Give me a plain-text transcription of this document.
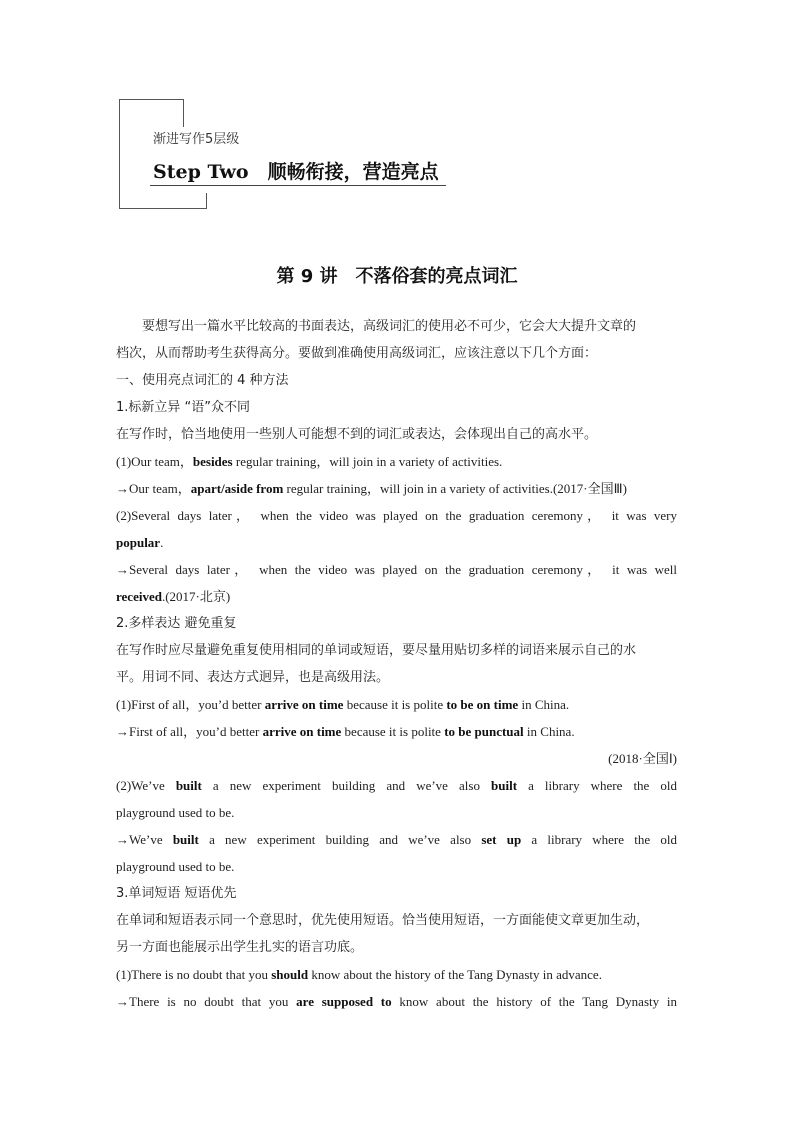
渐进写作5层级
Step Two　顺畅衔接，营造亮点
第 9 讲　不落俗套的亮点词汇

要想写出一篇水平比较高的书面表达，高级词汇的使用必不可少，它会大大提升文章的

档次，从而帮助考生获得高分。要做到准确使用高级词汇，应该注意以下几个方面：

一、使用亮点词汇的 4 种方法

1.标新立异 “语”众不同

在写作时，恰当地使用一些别人可能想不到的词汇或表达，会体现出自己的高水平。

(1)Our team，besides regular training，will join in a variety of activities.

→Our team，apart/aside from regular training，will join in a variety of activities.(2017·全国Ⅲ)

(2)Several days later， when the video was played on the graduation ceremony， it was very

popular.

→Several days later， when the video was played on the graduation ceremony， it was well

received.(2017·北京)

2.多样表达 避免重复

在写作时应尽量避免重复使用相同的单词或短语，要尽量用贴切多样的词语来展示自己的水

平。用词不同、表达方式迥异，也是高级用法。

(1)First of all，you’d better arrive on time because it is polite to be on time in China.

→First of all，you’d better arrive on time because it is polite to be punctual in China.

(2018·全国Ⅰ)

(2)We’ve built a new experiment building and we’ve also built a library where the old

playground used to be.

→We’ve built a new experiment building and we’ve also set up a library where the old

playground used to be.

3.单词短语 短语优先

在单词和短语表示同一个意思时，优先使用短语。恰当使用短语，一方面能使文章更加生动，

另一方面也能展示出学生扎实的语言功底。

(1)There is no doubt that you should know about the history of the Tang Dynasty in advance.

→There is no doubt that you are supposed to know about the history of the Tang Dynasty in
